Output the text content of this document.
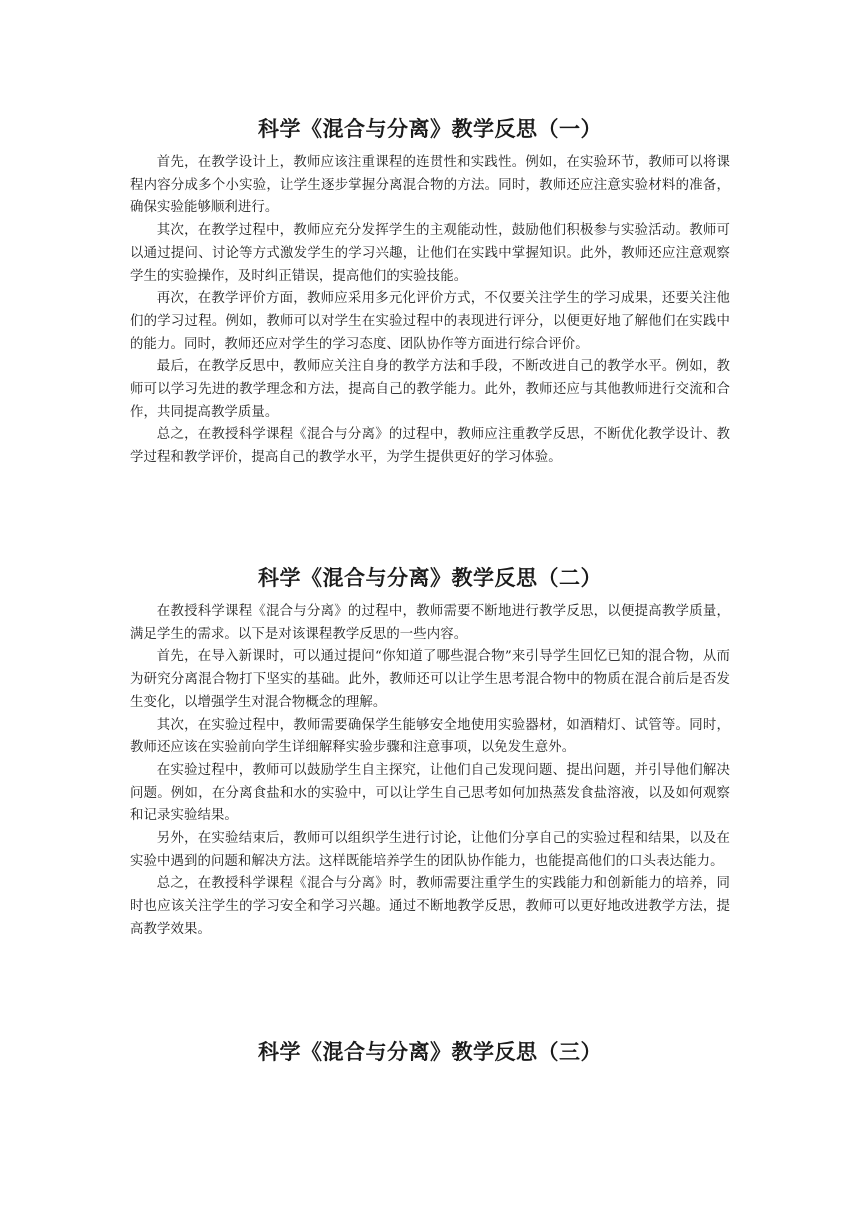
科学《混合与分离》教学反思（一）

首先，在教学设计上，教师应该注重课程的连贯性和实践性。例如，在实验环节，教师可以将课程内容分成多个小实验，让学生逐步掌握分离混合物的方法。同时，教师还应注意实验材料的准备，确保实验能够顺利进行。

其次，在教学过程中，教师应充分发挥学生的主观能动性，鼓励他们积极参与实验活动。教师可以通过提问、讨论等方式激发学生的学习兴趣，让他们在实践中掌握知识。此外，教师还应注意观察学生的实验操作，及时纠正错误，提高他们的实验技能。

再次，在教学评价方面，教师应采用多元化评价方式，不仅要关注学生的学习成果，还要关注他们的学习过程。例如，教师可以对学生在实验过程中的表现进行评分，以便更好地了解他们在实践中的能力。同时，教师还应对学生的学习态度、团队协作等方面进行综合评价。

最后，在教学反思中，教师应关注自身的教学方法和手段，不断改进自己的教学水平。例如，教师可以学习先进的教学理念和方法，提高自己的教学能力。此外，教师还应与其他教师进行交流和合作，共同提高教学质量。

总之，在教授科学课程《混合与分离》的过程中，教师应注重教学反思，不断优化教学设计、教学过程和教学评价，提高自己的教学水平，为学生提供更好的学习体验。

科学《混合与分离》教学反思（二）

在教授科学课程《混合与分离》的过程中，教师需要不断地进行教学反思，以便提高教学质量，满足学生的需求。以下是对该课程教学反思的一些内容。

首先，在导入新课时，可以通过提问“你知道了哪些混合物”来引导学生回忆已知的混合物，从而为研究分离混合物打下坚实的基础。此外，教师还可以让学生思考混合物中的物质在混合前后是否发生变化，以增强学生对混合物概念的理解。

其次，在实验过程中，教师需要确保学生能够安全地使用实验器材，如酒精灯、试管等。同时，教师还应该在实验前向学生详细解释实验步骤和注意事项，以免发生意外。

在实验过程中，教师可以鼓励学生自主探究，让他们自己发现问题、提出问题，并引导他们解决问题。例如，在分离食盐和水的实验中，可以让学生自己思考如何加热蒸发食盐溶液，以及如何观察和记录实验结果。

另外，在实验结束后，教师可以组织学生进行讨论，让他们分享自己的实验过程和结果，以及在实验中遇到的问题和解决方法。这样既能培养学生的团队协作能力，也能提高他们的口头表达能力。

总之，在教授科学课程《混合与分离》时，教师需要注重学生的实践能力和创新能力的培养，同时也应该关注学生的学习安全和学习兴趣。通过不断地教学反思，教师可以更好地改进教学方法，提高教学效果。

科学《混合与分离》教学反思（三）
